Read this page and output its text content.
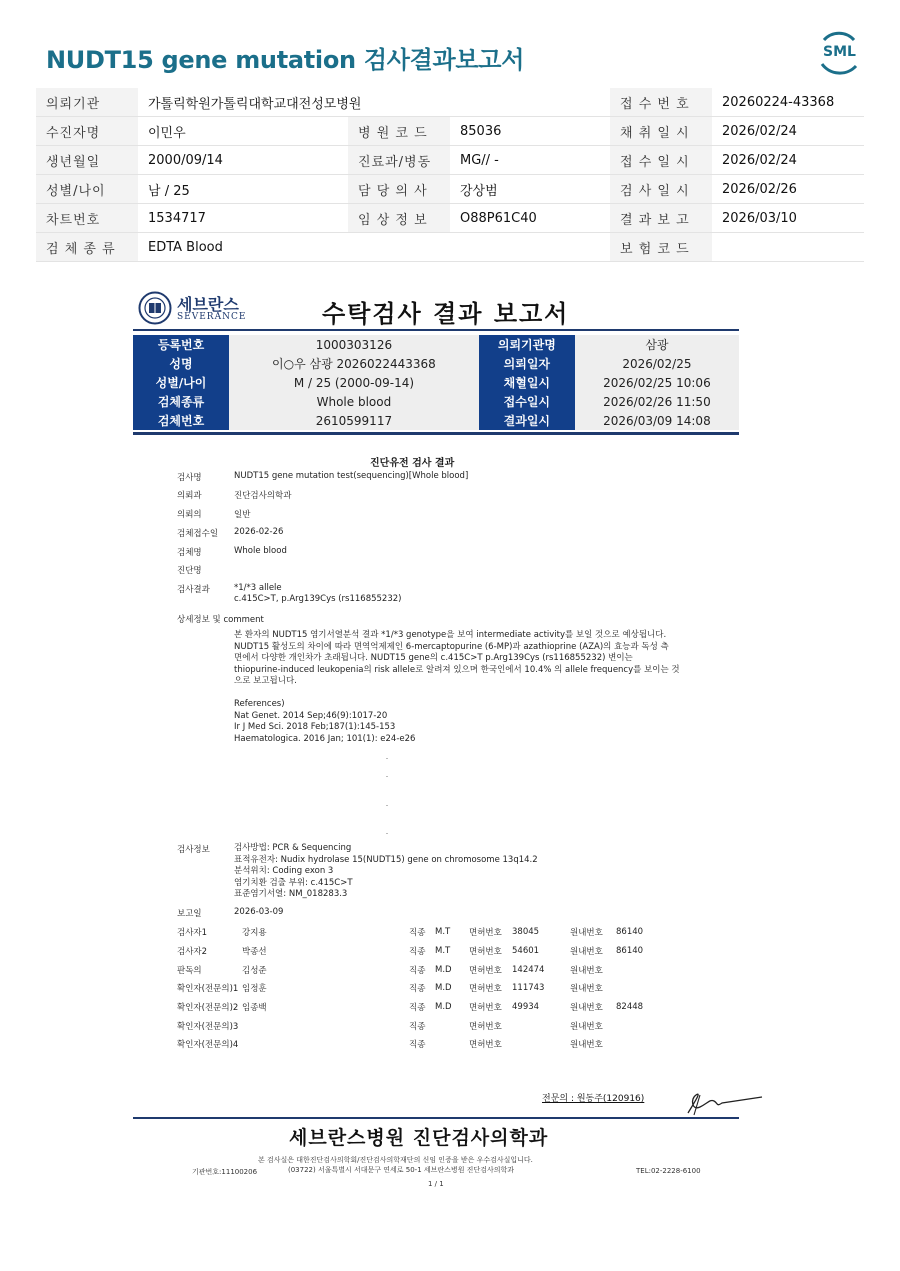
NUDT15 gene mutation 검사결과보고서	SML
의뢰기관	가톨릭학원가톨릭대학교대전성모병원			접 수 번 호	20260224-43368
수진자명	이민우	병 원 코 드	85036	채 취 일 시	2026/02/24
생년월일	2000/09/14	진료과/병동	MG// -	접 수 일 시	2026/02/24
성별/나이	남 / 25	담 당 의 사	강상범	검 사 일 시	2026/02/26
차트번호	1534717	임 상 정 보	O88P61C40	결 과 보 고	2026/03/10
검 체 종 류	EDTA Blood			보 험 코 드	
세브란스
SEVERANCE	수탁검사 결과 보고서
등록번호	1000303126	의뢰기관명	삼광
성명	이○우 삼광 2026022443368	의뢰일자	2026/02/25
성별/나이	M / 25 (2000-09-14)	채혈일시	2026/02/25 10:06
검체종류	Whole blood	접수일시	2026/02/26 11:50
검체번호	2610599117	결과일시	2026/03/09 14:08
진단유전 검사 결과
검사명	NUDT15 gene mutation test(sequencing)[Whole blood]
의뢰과	진단검사의학과
의뢰의	일반
검체접수일 2026-02-26
검체명	Whole blood
진단명
검사결과	*1/*3 allele
c.415C>T, p.Arg139Cys (rs116855232)
상세정보 및 comment
본 환자의 NUDT15 염기서열분석 결과 *1/*3 genotype을 보여 intermediate activity를 보일 것으로 예상됩니다.
NUDT15 활성도의 차이에 따라 면역억제제인 6-mercaptopurine (6-MP)과 azathioprine (AZA)의 효능과 독성 측
면에서 다양한 개인차가 초래됩니다. NUDT15 gene의 c.415C>T p.Arg139Cys (rs116855232) 변이는
thiopurine-induced leukopenia의 risk allele로 알려져 있으며 한국인에서 10.4% 의 allele frequency를 보이는 것
으로 보고됩니다.
References)
Nat Genet. 2014 Sep;46(9):1017-20
Ir J Med Sci. 2018 Feb;187(1):145-153
Haematologica. 2016 Jan; 101(1): e24-e26
검사정보	검사방법: PCR & Sequencing
표적유전자: Nudix hydrolase 15(NUDT15) gene on chromosome 13q14.2
분석위치: Coding exon 3
염기치환 검출 부위: c.415C>T
표준염기서열: NM_018283.3
보고일	2026-03-09
검사자1	강지용	직종	M.T	면허번호	38045	원내번호	86140
검사자2	박종선	직종	M.T	면허번호	54601	원내번호	86140
판독의	김성준	직종	M.D	면허번호	142474	원내번호	
확인자(전문의)1	임정훈	직종	M.D	면허번호	111743	원내번호	
확인자(전문의)2	임종백	직종	M.D	면허번호	49934	원내번호	82448
확인자(전문의)3		직종		면허번호		원내번호	
확인자(전문의)4		직종		면허번호		원내번호	
전문의 : 원동주(120916)
세브란스병원 진단검사의학과
본 검사실은 대한진단검사의학회/진단검사의학재단의 신임 인증을 받은 우수검사실입니다.
기관번호:11100206	(03722) 서울특별시 서대문구 연세로 50-1 세브란스병원 진단검사의학과	TEL:02-2228-6100
1 / 1
